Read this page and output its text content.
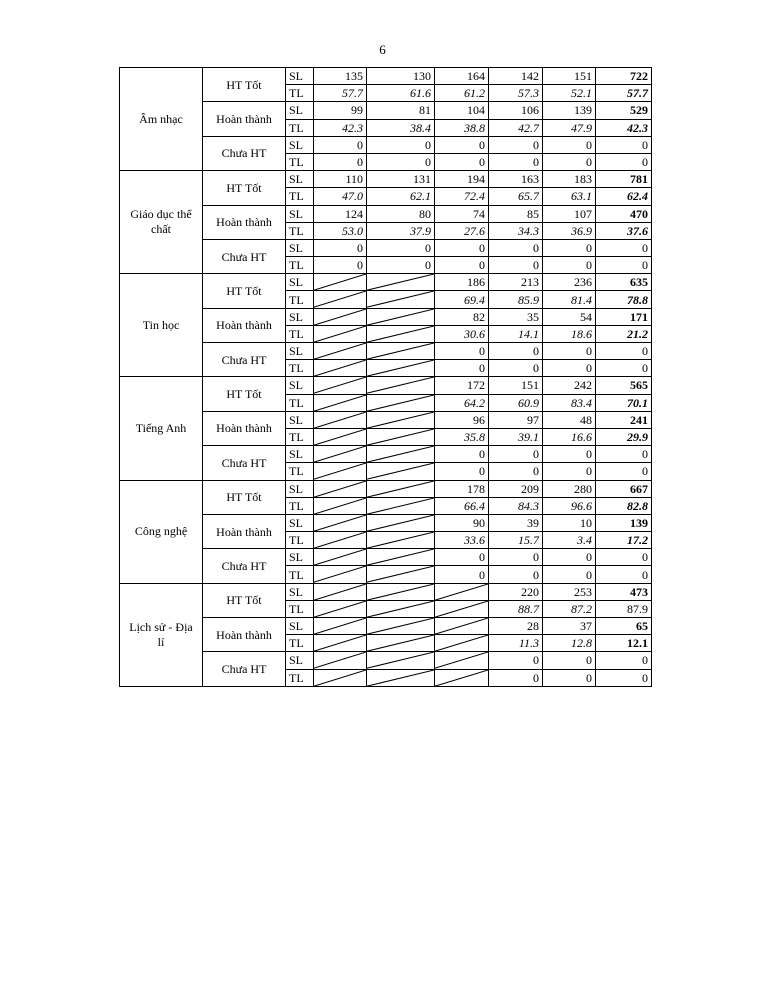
6
Âm nhạc	HT Tốt	SL	135	130	164	142	151	722
		TL	57.7	61.6	61.2	57.3	52.1	57.7
	Hoàn thành	SL	99	81	104	106	139	529
		TL	42.3	38.4	38.8	42.7	47.9	42.3
	Chưa HT	SL	0	0	0	0	0	0
		TL	0	0	0	0	0	0
Giáo dục thể chất	HT Tốt	SL	110	131	194	163	183	781
		TL	47.0	62.1	72.4	65.7	63.1	62.4
	Hoàn thành	SL	124	80	74	85	107	470
		TL	53.0	37.9	27.6	34.3	36.9	37.6
	Chưa HT	SL	0	0	0	0	0	0
		TL	0	0	0	0	0	0
Tin học	HT Tốt	SL			186	213	236	635
		TL			69.4	85.9	81.4	78.8
	Hoàn thành	SL			82	35	54	171
		TL			30.6	14.1	18.6	21.2
	Chưa HT	SL			0	0	0	0
		TL			0	0	0	0
Tiếng Anh	HT Tốt	SL			172	151	242	565
		TL			64.2	60.9	83.4	70.1
	Hoàn thành	SL			96	97	48	241
		TL			35.8	39.1	16.6	29.9
	Chưa HT	SL			0	0	0	0
		TL			0	0	0	0
Công nghệ	HT Tốt	SL			178	209	280	667
		TL			66.4	84.3	96.6	82.8
	Hoàn thành	SL			90	39	10	139
		TL			33.6	15.7	3.4	17.2
	Chưa HT	SL			0	0	0	0
		TL			0	0	0	0
Lịch sử - Địa lí	HT Tốt	SL				220	253	473
		TL				88.7	87.2	87.9
	Hoàn thành	SL				28	37	65
		TL				11.3	12.8	12.1
	Chưa HT	SL				0	0	0
		TL				0	0	0
